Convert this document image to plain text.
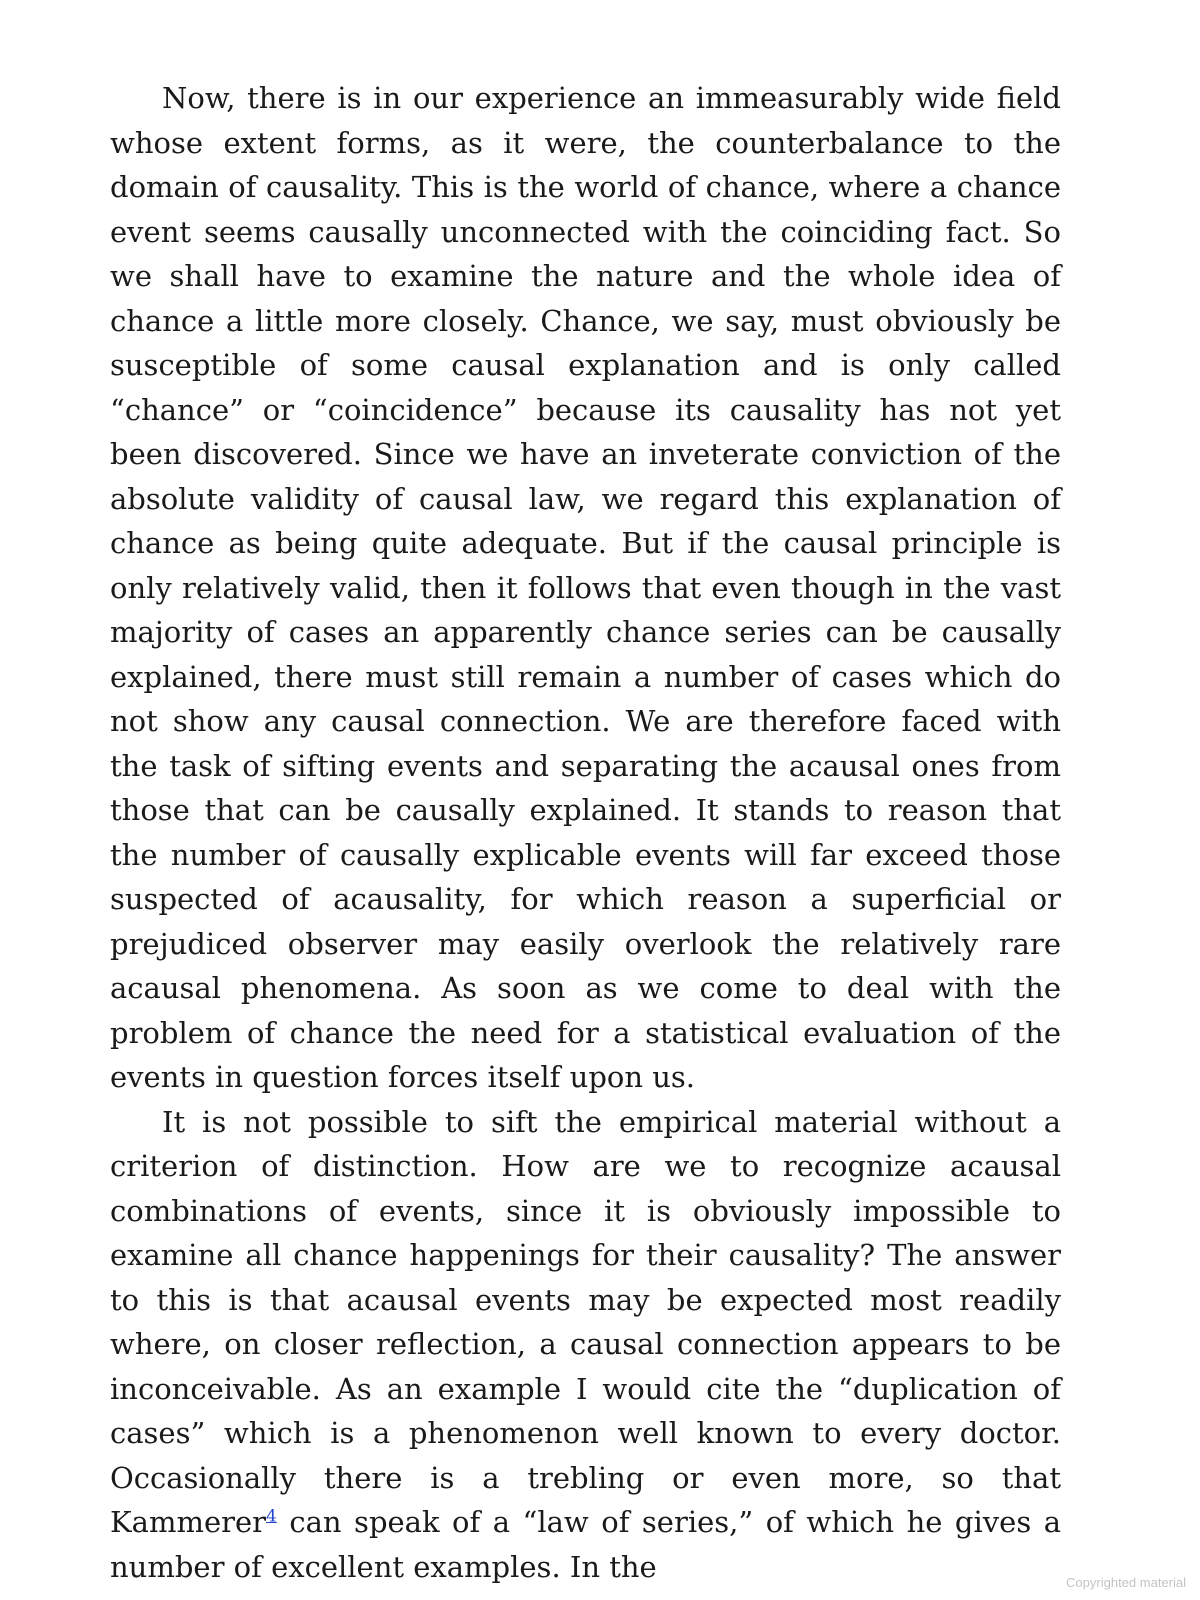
Now, there is in our experience an immeasurably wide field whose extent forms, as it were, the counterbalance to the domain of causality. This is the world of chance, where a chance event seems causally unconnected with the coinciding fact. So we shall have to examine the nature and the whole idea of chance a little more closely. Chance, we say, must obviously be susceptible of some causal explanation and is only called “chance” or “coincidence” because its causality has not yet been discovered. Since we have an inveterate conviction of the absolute validity of causal law, we regard this explanation of chance as being quite adequate. But if the causal principle is only relatively valid, then it follows that even though in the vast majority of cases an apparently chance series can be causally explained, there must still remain a number of cases which do not show any causal connection. We are therefore faced with the task of sifting events and separating the acausal ones from those that can be causally explained. It stands to reason that the number of causally explicable events will far exceed those suspected of acausality, for which reason a superficial or prejudiced observer may easily overlook the relatively rare acausal phenomena. As soon as we come to deal with the problem of chance the need for a statistical evaluation of the events in question forces itself upon us.

It is not possible to sift the empirical material without a criterion of distinction. How are we to recognize acausal combinations of events, since it is obviously impossible to examine all chance happenings for their causality? The answer to this is that acausal events may be expected most readily where, on closer reflection, a causal connection appears to be inconceivable. As an example I would cite the “duplication of cases” which is a phenomenon well known to every doctor. Occasionally there is a trebling or even more, so that Kammerer$^4$ can speak of a “law of series,” of which he gives a number of excellent examples. In the	Copyrighted material
